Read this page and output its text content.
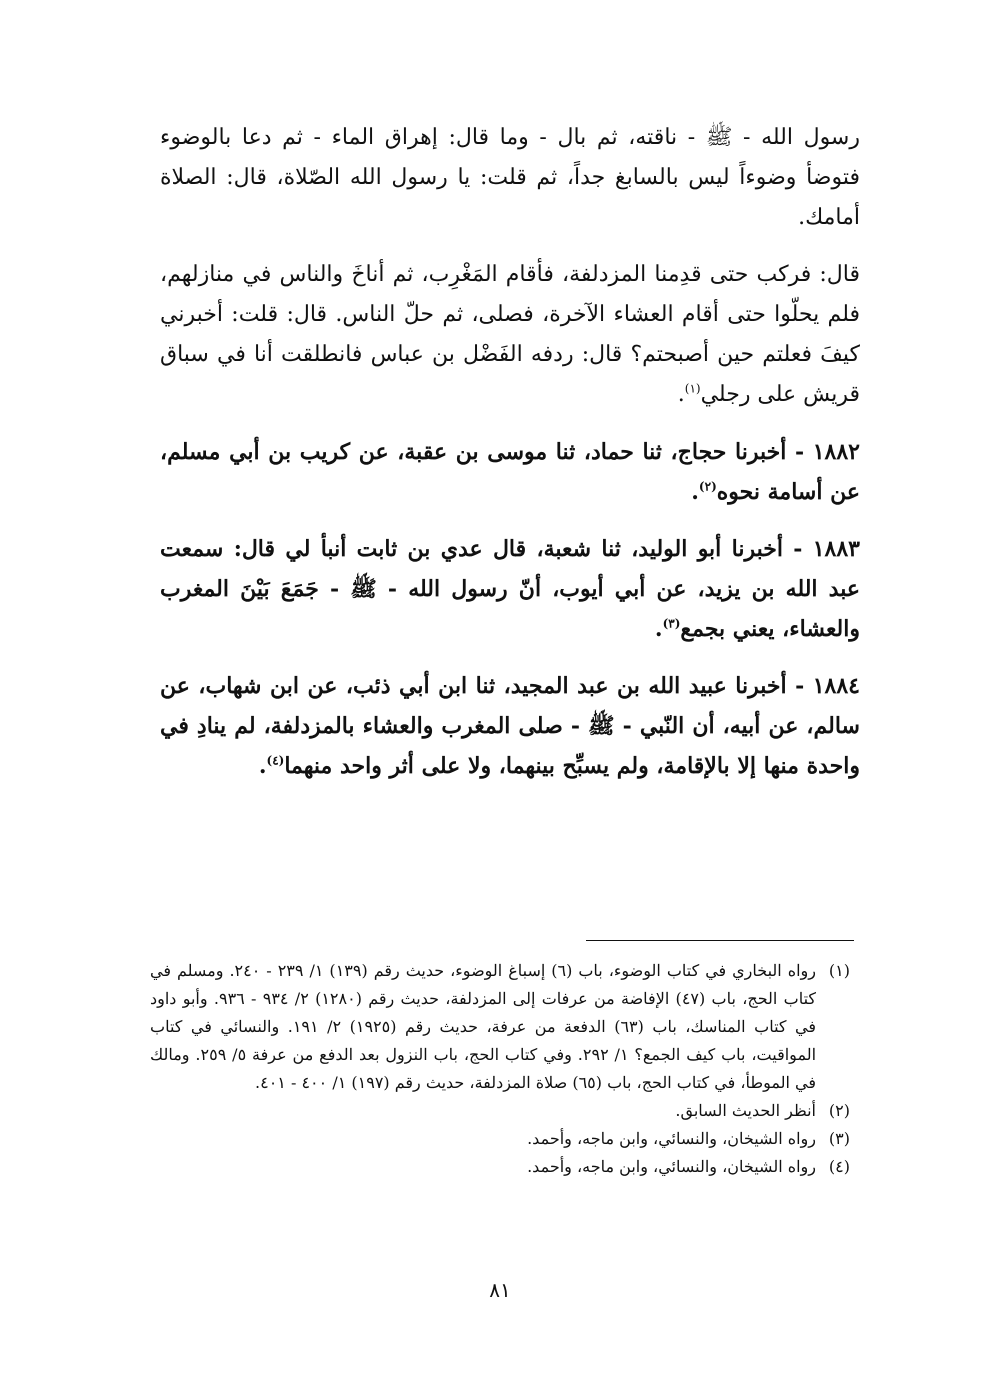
رسول الله - ﷺ - ناقته، ثم بال - وما قال: إهراق الماء - ثم دعا بالوضوء فتوضأ وضوءاً ليس بالسابغ جداً، ثم قلت: يا رسول الله الصّلاة، قال: الصلاة أمامك.

قال: فركب حتى قدِمنا المزدلفة، فأقام المَغْرِب، ثم أناخَ والناس في منازلهم، فلم يحلّوا حتى أقام العشاء الآخرة، فصلى، ثم حلّ الناس. قال: قلت: أخبرني كيفَ فعلتم حين أصبحتم؟ قال: ردفه الفَضْل بن عباس فانطلقت أنا في سباق قريش على رجلي$^{(١)}$.

١٨٨٢ - أخبرنا حجاج، ثنا حماد، ثنا موسى بن عقبة، عن كريب بن أبي مسلم، عن أسامة نحوه$^{(٢)}$.

١٨٨٣ - أخبرنا أبو الوليد، ثنا شعبة، قال عدي بن ثابت أنبأ لي قال: سمعت عبد الله بن يزيد، عن أبي أيوب، أنّ رسول الله - ﷺ - جَمَعَ بَيْنَ المغرب والعشاء، يعني بجمع$^{(٣)}$.

١٨٨٤ - أخبرنا عبيد الله بن عبد المجيد، ثنا ابن أبي ذئب، عن ابن شهاب، عن سالم، عن أبيه، أن النّبي - ﷺ - صلى المغرب والعشاء بالمزدلفة، لم ينادِ في واحدة منها إلا بالإقامة، ولم يسبِّح بينهما، ولا على أثر واحد منهما$^{(٤)}$.

(١)
رواه البخاري في كتاب الوضوء، باب (٦) إسباغ الوضوء، حديث رقم (١٣٩) ١/ ٢٣٩ - ٢٤٠. ومسلم في كتاب الحج، باب (٤٧) الإفاضة من عرفات إلى المزدلفة، حديث رقم (١٢٨٠) ٢/ ٩٣٤ - ٩٣٦. وأبو داود في كتاب المناسك، باب (٦٣) الدفعة من عرفة، حديث رقم (١٩٢٥) ٢/ ١٩١. والنسائي في كتاب المواقيت، باب كيف الجمع؟ ١/ ٢٩٢. وفي كتاب الحج، باب النزول بعد الدفع من عرفة ٥/ ٢٥٩. ومالك في الموطأ، في كتاب الحج، باب (٦٥) صلاة المزدلفة، حديث رقم (١٩٧) ١/ ٤٠٠ - ٤٠١.
(٢)
أنظر الحديث السابق.
(٣)
رواه الشيخان، والنسائي، وابن ماجه، وأحمد.
(٤)
رواه الشيخان، والنسائي، وابن ماجه، وأحمد.
٨١
